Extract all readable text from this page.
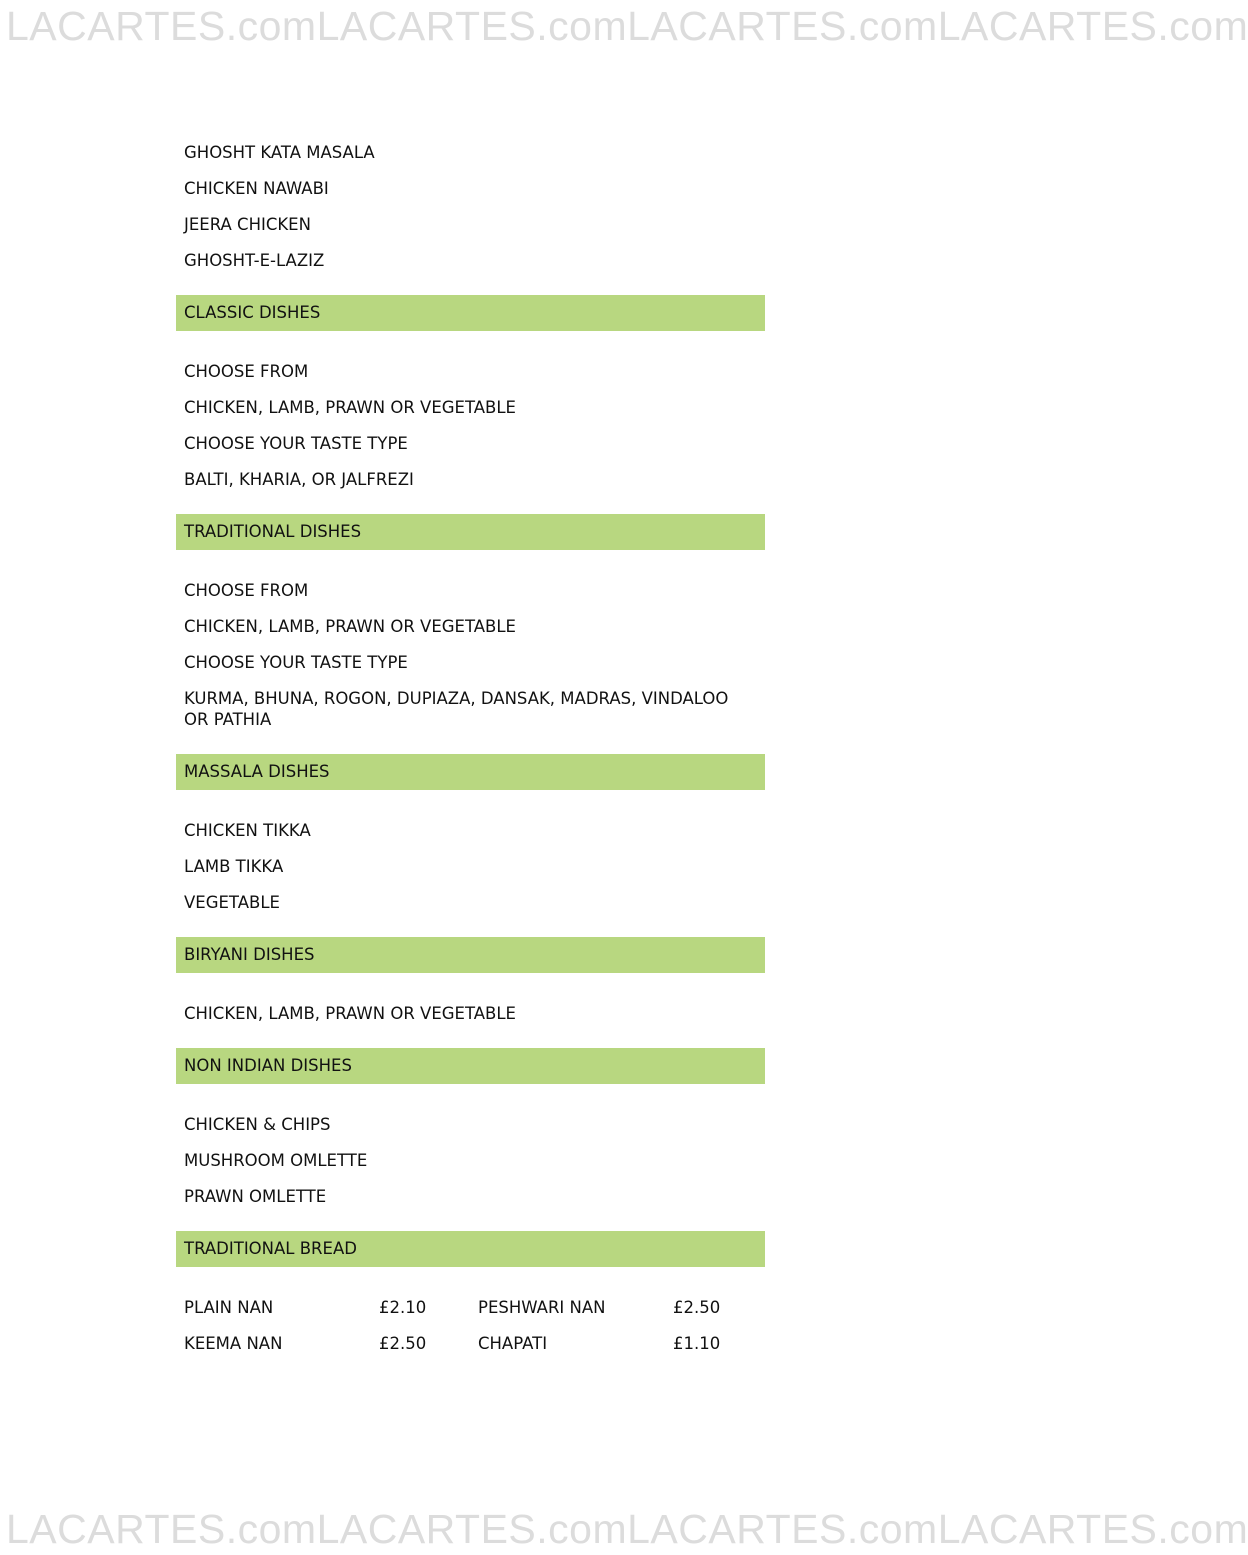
LACARTES.com LACARTES.com LACARTES.com LACARTES.com
GHOSHT KATA MASALA
CHICKEN NAWABI
JEERA CHICKEN
GHOSHT-E-LAZIZ
CLASSIC DISHES
CHOOSE FROM
CHICKEN, LAMB, PRAWN OR VEGETABLE
CHOOSE YOUR TASTE TYPE
BALTI, KHARIA, OR JALFREZI
TRADITIONAL DISHES
CHOOSE FROM
CHICKEN, LAMB, PRAWN OR VEGETABLE
CHOOSE YOUR TASTE TYPE
KURMA, BHUNA, ROGON, DUPIAZA, DANSAK, MADRAS, VINDALOO OR PATHIA
MASSALA DISHES
CHICKEN TIKKA
LAMB TIKKA
VEGETABLE
BIRYANI DISHES
CHICKEN, LAMB, PRAWN OR VEGETABLE
NON INDIAN DISHES
CHICKEN & CHIPS
MUSHROOM OMLETTE
PRAWN OMLETTE
TRADITIONAL BREAD
PLAIN NAN	£2.10	PESHWARI NAN	£2.50
KEEMA NAN	£2.50	CHAPATI	£1.10
LACARTES.com LACARTES.com LACARTES.com LACARTES.com
